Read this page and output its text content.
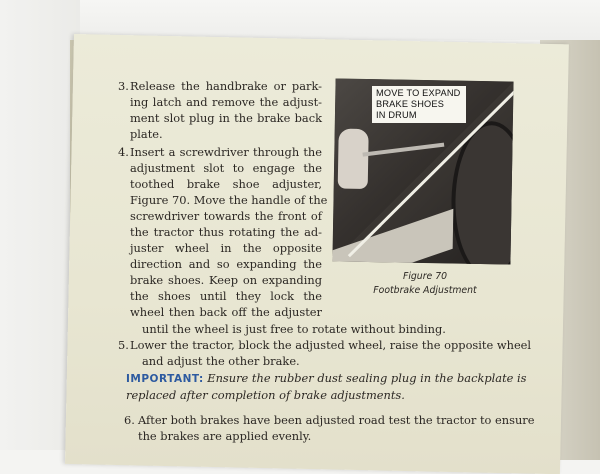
3. Release the handbrake or park-
ing latch and remove the adjust-
ment slot plug in the brake back
plate.
4. Insert a screwdriver through the
adjustment slot to engage the
toothed brake shoe adjuster,
Figure 70. Move the handle of the
screwdriver towards the front of
the tractor thus rotating the ad-
juster wheel in the opposite
direction and so expanding the
brake shoes. Keep on expanding
the shoes until they lock the
wheel then back off the adjuster
until the wheel is just free to rotate without binding.
5. Lower the tractor, block the adjusted wheel, raise the opposite wheel
and adjust the other brake.
IMPORTANT: Ensure the rubber dust sealing plug in the backplate is
replaced after completion of brake adjustments.
6. After both brakes have been adjusted road test the tractor to ensure
the brakes are applied evenly.
MOVE TO EXPAND
BRAKE SHOES
IN DRUM
Figure 70
Footbrake Adjustment
